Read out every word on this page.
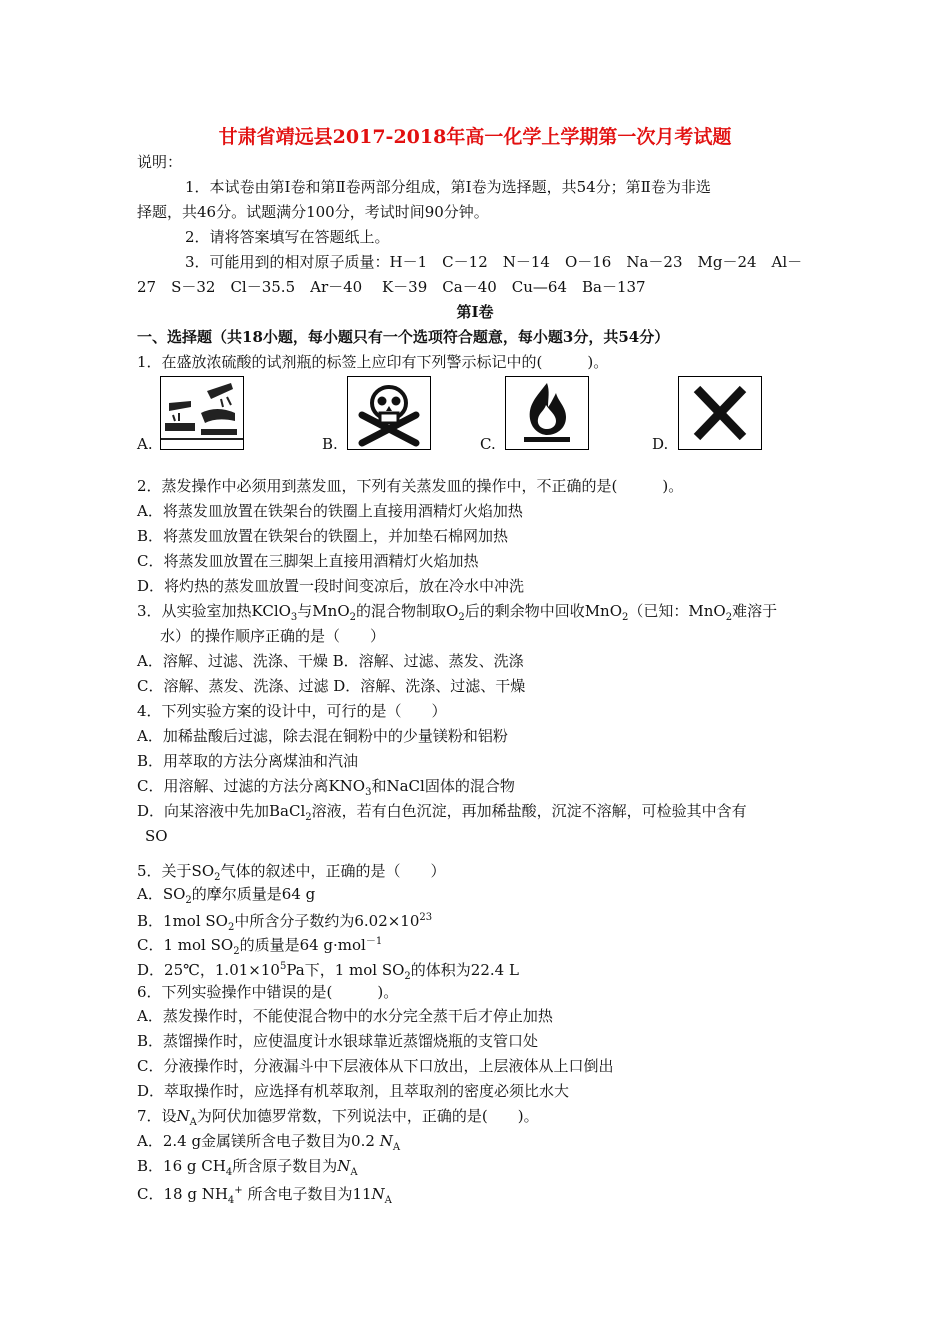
甘肃省靖远县2017-2018年高一化学上学期第一次月考试题
说明：
1．本试卷由第Ⅰ卷和第Ⅱ卷两部分组成，第Ⅰ卷为选择题，共54分；第Ⅱ卷为非选
择题，共46分。试题满分100分，考试时间90分钟。
2．请将答案填写在答题纸上。
3．可能用到的相对原子质量：H－1　C－12　N－14　O－16　Na－23　Mg－24　Al－
27　S－32　Cl－35.5　Ar－40　 K－39　Ca－40　Cu—64　Ba－137
第Ⅰ卷
一、选择题（共18小题，每小题只有一个选项符合题意，每小题3分，共54分）
1．在盛放浓硫酸的试剂瓶的标签上应印有下列警示标记中的(　　　)。
A.	B.	C.	D.
2．蒸发操作中必须用到蒸发皿，下列有关蒸发皿的操作中，不正确的是(　　　)。
A．将蒸发皿放置在铁架台的铁圈上直接用酒精灯火焰加热
B．将蒸发皿放置在铁架台的铁圈上，并加垫石棉网加热
C．将蒸发皿放置在三脚架上直接用酒精灯火焰加热
D．将灼热的蒸发皿放置一段时间变凉后，放在冷水中冲洗
3．从实验室加热KClO$_3$与MnO$_2$的混合物制取$O_2$后的剩余物中回收MnO$_2$（已知：MnO$_2$难溶于
水）的操作顺序正确的是（　　）
A．溶解、过滤、洗涤、干燥 B．溶解、过滤、蒸发、洗涤
C．溶解、蒸发、洗涤、过滤 D．溶解、洗涤、过滤、干燥
4．下列实验方案的设计中，可行的是（　　）
A．加稀盐酸后过滤，除去混在铜粉中的少量镁粉和铝粉
B．用萃取的方法分离煤油和汽油
C．用溶解、过滤的方法分离$KNO_3$和NaCl固体的混合物
D．向某溶液中先加BaCl$_2$溶液，若有白色沉淀，再加稀盐酸，沉淀不溶解，可检验其中含有
SO
5．关于$SO_2$气体的叙述中，正确的是（　　）
A．$SO_2$的摩尔质量是64 g
B．1mol $SO_2$中所含分子数约为$6.02\times 10^{23}$
C．1 mol $SO_2$的质量是64 g·mol$^{-1}$
D．25℃，$1.01\times 10^5Pa$下，1 mol $SO_2$的体积为22.4 L
6．下列实验操作中错误的是(　　　)。
A．蒸发操作时，不能使混合物中的水分完全蒸干后才停止加热
B．蒸馏操作时，应使温度计水银球靠近蒸馏烧瓶的支管口处
C．分液操作时，分液漏斗中下层液体从下口放出，上层液体从上口倒出
D．萃取操作时，应选择有机萃取剂，且萃取剂的密度必须比水大
7．设$N_A$为阿伏加德罗常数，下列说法中，正确的是(　　)。
A．2.4 g金属镁所含电子数目为0.2 $N_A$
B．16 g $CH_4$所含原子数目为$N_A$
C．18 g $NH_4^+$ 所含电子数目为$11N_A$
